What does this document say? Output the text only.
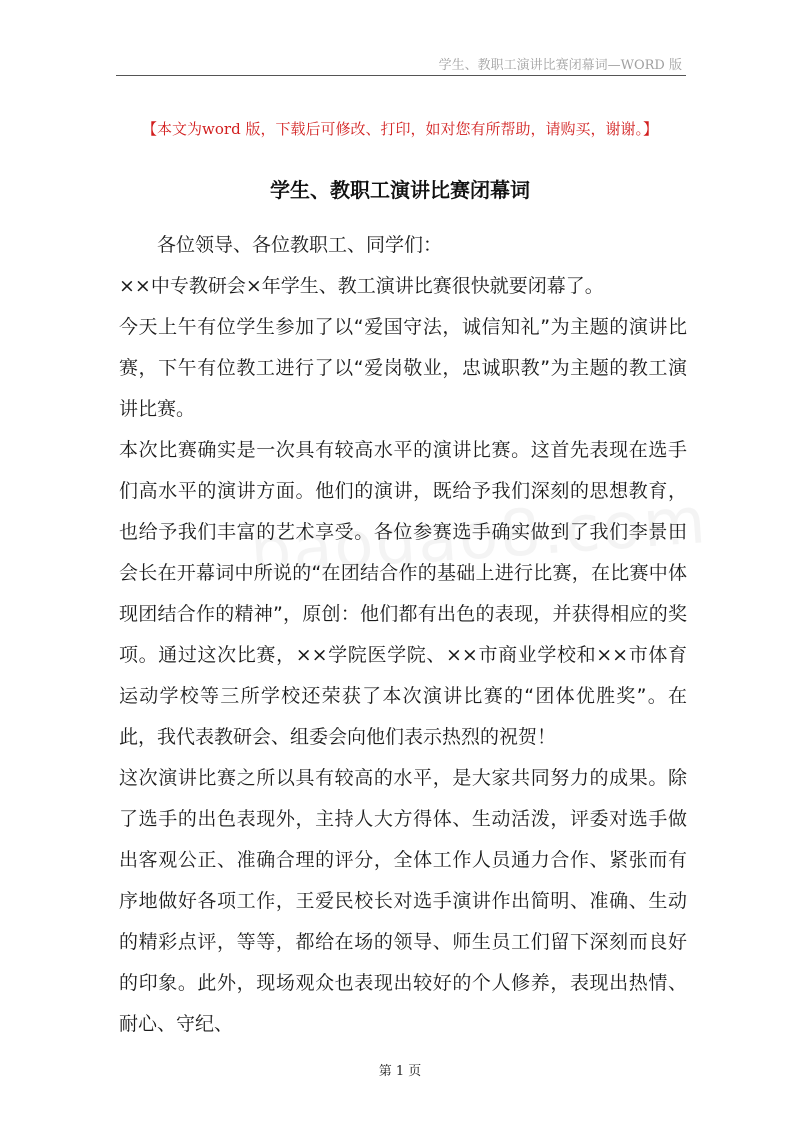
学生、教职工演讲比赛闭幕词—WORD 版
【本文为word 版，下载后可修改、打印，如对您有所帮助，请购买，谢谢。】
学生、教职工演讲比赛闭幕词

各位领导、各位教职工、同学们：

××中专教研会×年学生、教工演讲比赛很快就要闭幕了。

今天上午有位学生参加了以“爱国守法，诚信知礼”为主题的演讲比赛，下午有位教工进行了以“爱岗敬业，忠诚职教”为主题的教工演讲比赛。

本次比赛确实是一次具有较高水平的演讲比赛。这首先表现在选手们高水平的演讲方面。他们的演讲，既给予我们深刻的思想教育，也给予我们丰富的艺术享受。各位参赛选手确实做到了我们李景田会长在开幕词中所说的“在团结合作的基础上进行比赛，在比赛中体现团结合作的精神”，原创：他们都有出色的表现，并获得相应的奖项。通过这次比赛，××学院医学院、××市商业学校和××市体育运动学校等三所学校还荣获了本次演讲比赛的“团体优胜奖”。在此，我代表教研会、组委会向他们表示热烈的祝贺！

这次演讲比赛之所以具有较高的水平，是大家共同努力的成果。除了选手的出色表现外，主持人大方得体、生动活泼，评委对选手做出客观公正、准确合理的评分，全体工作人员通力合作、紧张而有序地做好各项工作，王爱民校长对选手演讲作出简明、准确、生动的精彩点评，等等，都给在场的领导、师生员工们留下深刻而良好的印象。此外，现场观众也表现出较好的个人修养，表现出热情、耐心、守纪、

第 1 页
